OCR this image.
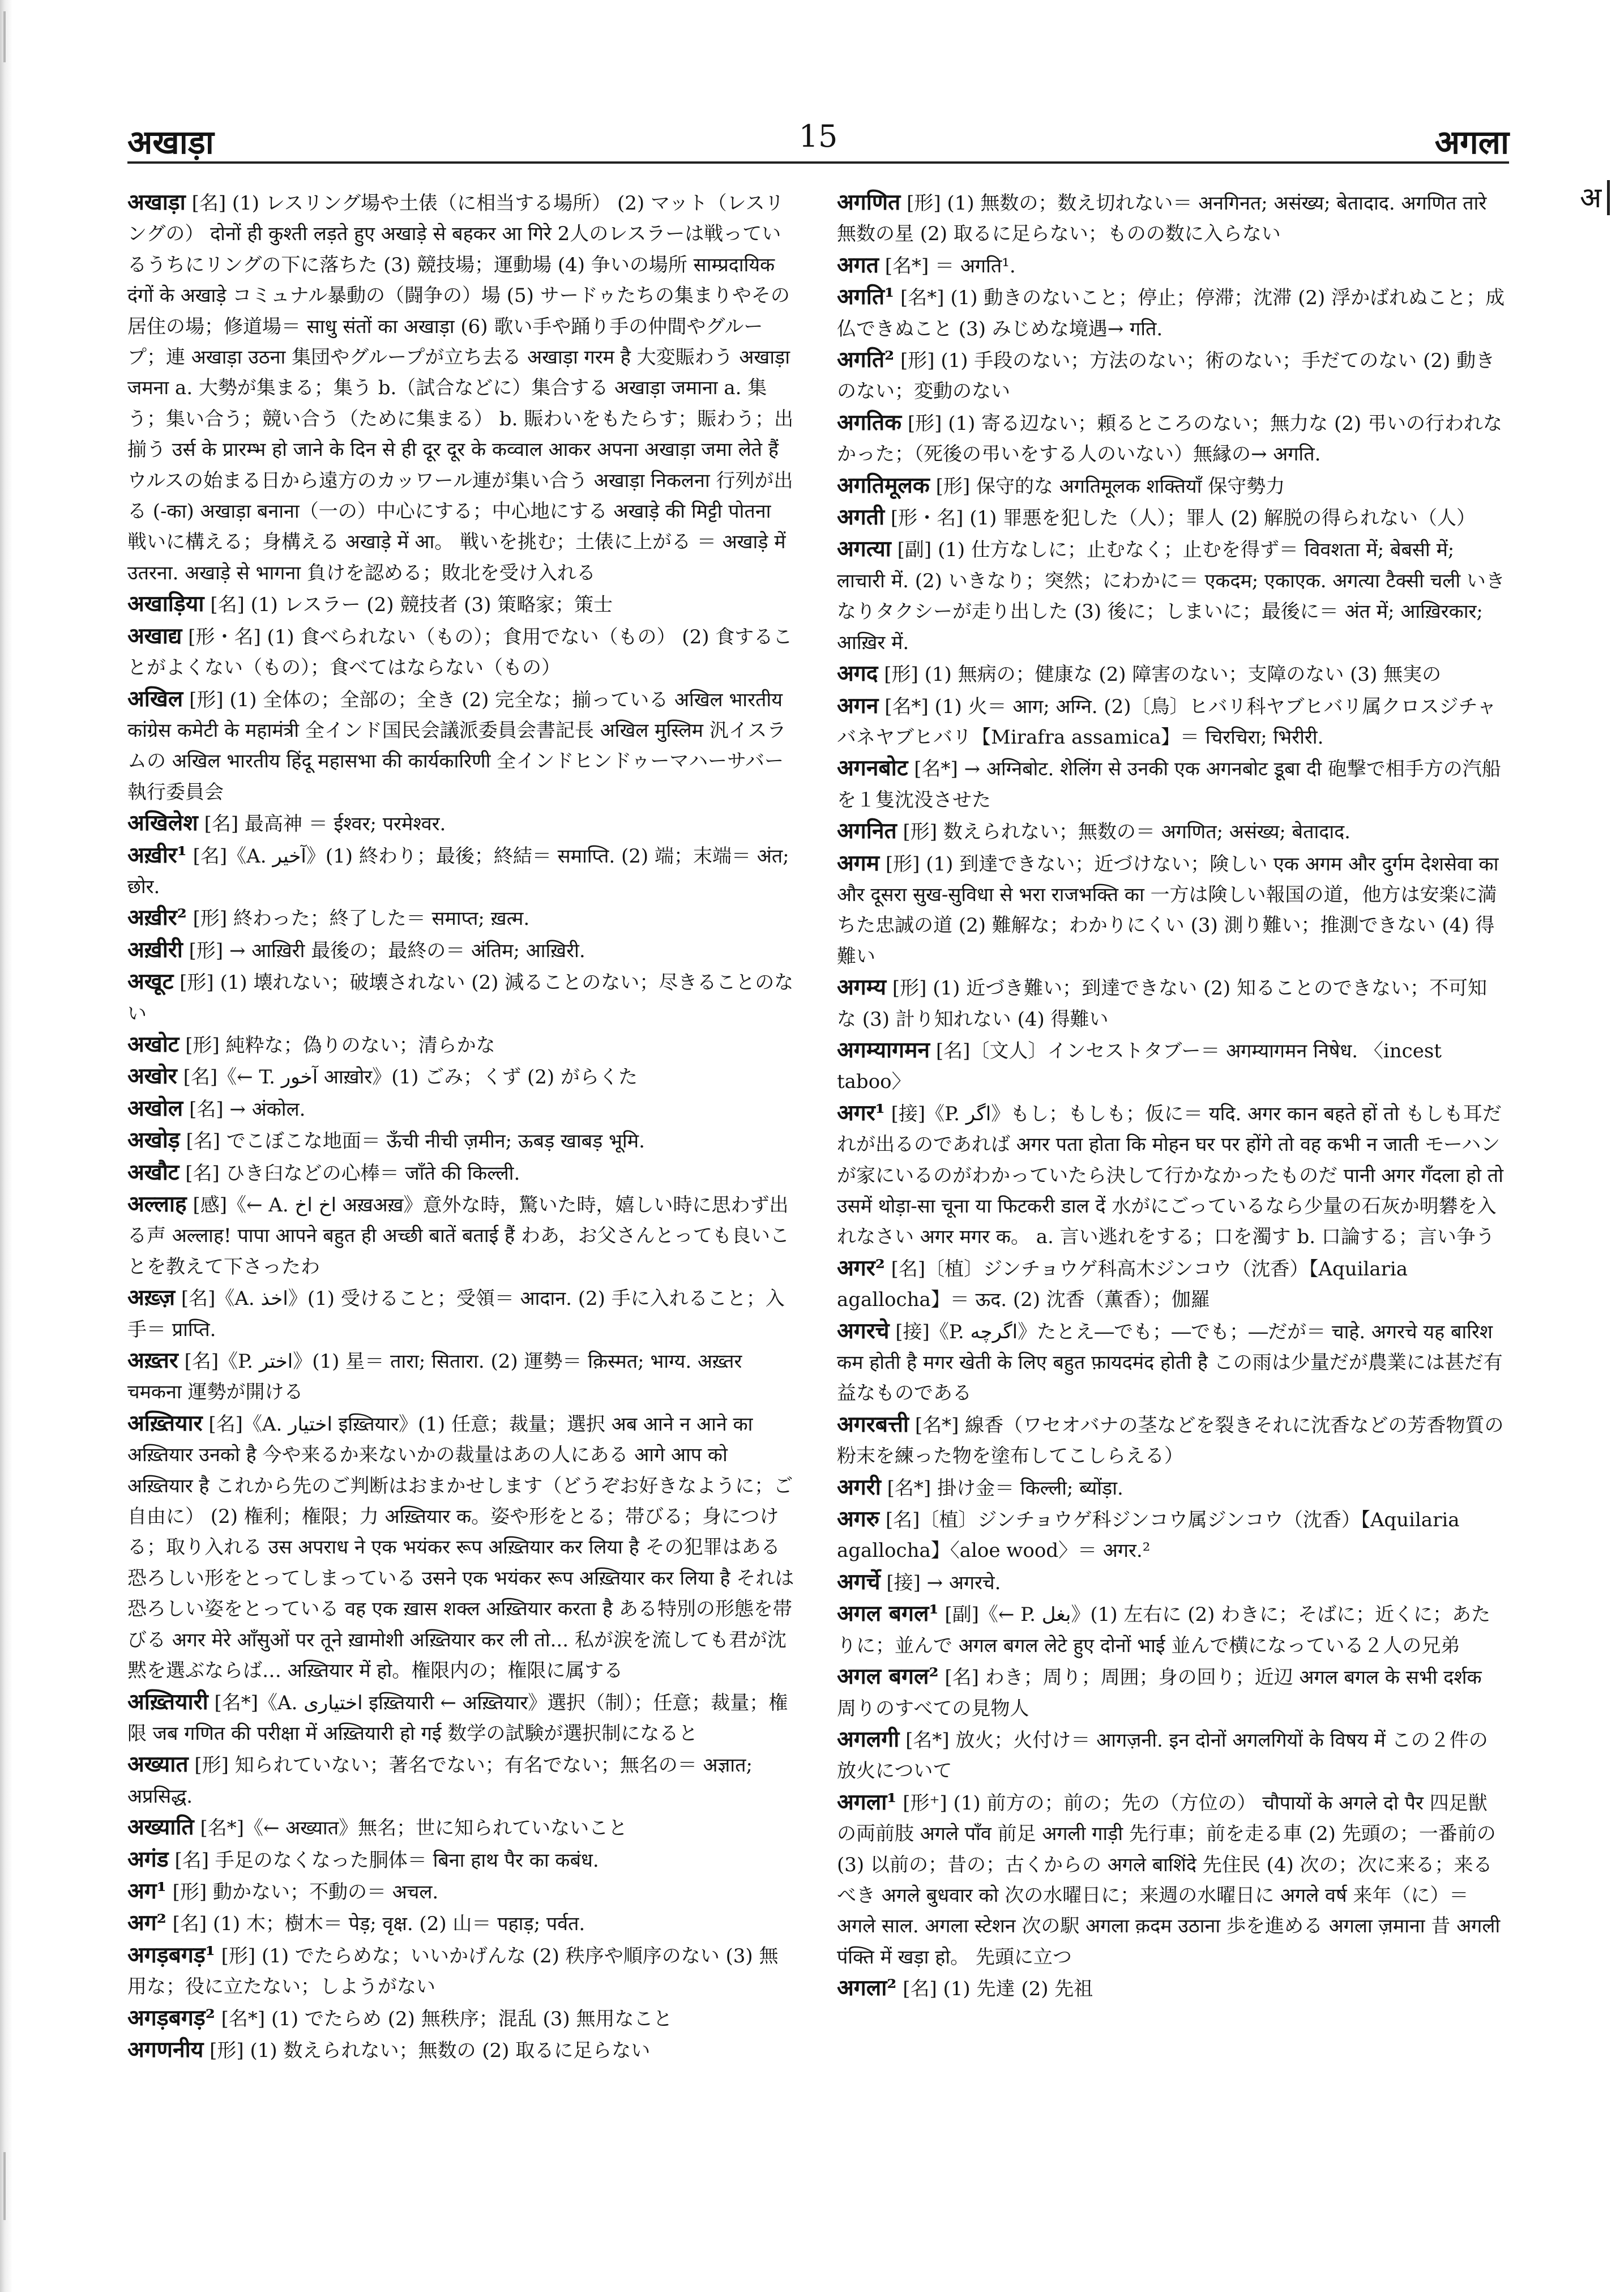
अखाड़ा	15	अगला
अ

अखाड़ा [名] (1) レスリング場や土俵（に相当する場所） (2) マット（レスリングの） दोनों ही कुश्ती लड़ते हुए अखाड़े से बहकर आ गिरे 2人のレスラーは戦っているうちにリングの下に落ちた (3) 競技場；運動場 (4) 争いの場所 साम्प्रदायिक दंगों के अखाड़े コミュナル暴動の（闘争の）場 (5) サードゥたちの集まりやその居住の場；修道場＝ साधु संतों का अखाड़ा (6) 歌い手や踊り手の仲間やグループ；連 अखाड़ा उठना 集団やグループが立ち去る अखाड़ा गरम है 大変賑わう अखाड़ा जमना a. 大勢が集まる；集う b.（試合などに）集合する अखाड़ा जमाना a. 集う；集い合う；競い合う（ために集まる） b. 賑わいをもたらす；賑わう；出揃う उर्स के प्रारम्भ हो जाने के दिन से ही दूर दूर के कव्वाल आकर अपना अखाड़ा जमा लेते हैं ウルスの始まる日から遠方のカッワール連が集い合う अखाड़ा निकलना 行列が出る (-का) अखाड़ा बनाना（一の）中心にする；中心地にする अखाड़े की मिट्टी पोतना 戦いに構える；身構える अखाड़े में आ。 戦いを挑む；土俵に上がる ＝ अखाड़े में उतरना. अखाड़े से भागना 負けを認める；敗北を受け入れる

अखाड़िया [名] (1) レスラー (2) 競技者 (3) 策略家；策士

अखाद्य [形・名] (1) 食べられない（もの）；食用でない（もの） (2) 食することがよくない（もの）；食べてはならない（もの）

अखिल [形] (1) 全体の；全部の；全き (2) 完全な；揃っている अखिल भारतीय कांग्रेस कमेटी के महामंत्री 全インド国民会議派委員会書記長 अखिल मुस्लिम 汎イスラムの अखिल भारतीय हिंदू महासभा की कार्यकारिणी 全インドヒンドゥーマハーサバー執行委員会

अखिलेश [名] 最高神 ＝ ईश्वर; परमेश्वर.

अख़ीर¹ [名]《A. آخیر》(1) 終わり；最後；終結＝ समाप्ति. (2) 端；末端＝ अंत; छोर.

अख़ीर² [形] 終わった；終了した＝ समाप्त; ख़त्म.

अख़ीरी [形] → आख़िरी 最後の；最終の＝ अंतिम; आख़िरी.

अखूट [形] (1) 壊れない；破壊されない (2) 減ることのない；尽きることのない

अखोट [形] 純粋な；偽りのない；清らかな

अखोर [名]《← T. آخور आख़ोर》(1) ごみ；くず (2) がらくた

अखोल [名] → अंकोल.

अखोड़ [名] でこぼこな地面＝ ऊँची नीची ज़मीन; ऊबड़ खाबड़ भूमि.

अखौट [名] ひき臼などの心棒＝ जाँते की किल्ली.

अल्लाह [感]《← A. اخ اخ अख़अख़》意外な時，驚いた時，嬉しい時に思わず出る声 अल्लाह! पापा आपने बहुत ही अच्छी बातें बताई हैं わあ，お父さんとっても良いことを教えて下さったわ

अख़्ज़ [名]《A. اخذ》(1) 受けること；受領＝ आदान. (2) 手に入れること；入手＝ प्राप्ति.

अख़्तर [名]《P. اختر》(1) 星＝ तारा; सितारा. (2) 運勢＝ क़िस्मत; भाग्य. अख़्तर चमकना 運勢が開ける

अख़्तियार [名]《A. اختیار इख़्तियार》(1) 任意；裁量；選択 अब आने न आने का अख़्तियार उनको है 今や来るか来ないかの裁量はあの人にある आगे आप को अख़्तियार है これから先のご判断はおまかせします（どうぞお好きなように；ご自由に） (2) 権利；権限；力 अख़्तियार क。姿や形をとる；帯びる；身につける；取り入れる उस अपराध ने एक भयंकर रूप अख़्तियार कर लिया है その犯罪はある恐ろしい形をとってしまっている उसने एक भयंकर रूप अख़्तियार कर लिया है それは恐ろしい姿をとっている वह एक ख़ास शक्ल अख़्तियार करता है ある特別の形態を帯びる अगर मेरे आँसुओं पर तूने ख़ामोशी अख़्तियार कर ली तो... 私が涙を流しても君が沈黙を選ぶならば… अख़्तियार में हो。権限内の；権限に属する

अख़्तियारी [名*]《A. اختیاری इख़्तियारी ← अख़्तियार》選択（制）；任意；裁量；権限 जब गणित की परीक्षा में अख़्तियारी हो गई 数学の試験が選択制になると

अख्यात [形] 知られていない；著名でない；有名でない；無名の＝ अज्ञात; अप्रसिद्ध.

अख्याति [名*]《← अख्यात》無名；世に知られていないこと

अगंड [名] 手足のなくなった胴体＝ बिना हाथ पैर का कबंध.

अग¹ [形] 動かない；不動の＝ अचल.

अग² [名] (1) 木；樹木＝ पेड़; वृक्ष. (2) 山＝ पहाड़; पर्वत.

अगड़बगड़¹ [形] (1) でたらめな；いいかげんな (2) 秩序や順序のない (3) 無用な；役に立たない；しようがない

अगड़बगड़² [名*] (1) でたらめ (2) 無秩序；混乱 (3) 無用なこと

अगणनीय [形] (1) 数えられない；無数の (2) 取るに足らない

अगणित [形] (1) 無数の；数え切れない＝ अनगिनत; असंख्य; बेतादाद. अगणित तारे 無数の星 (2) 取るに足らない；ものの数に入らない

अगत [名*] ＝ अगति¹.

अगति¹ [名*] (1) 動きのないこと；停止；停滞；沈滞 (2) 浮かばれぬこと；成仏できぬこと (3) みじめな境遇→ गति.

अगति² [形] (1) 手段のない；方法のない；術のない；手だてのない (2) 動きのない；変動のない

अगतिक [形] (1) 寄る辺ない；頼るところのない；無力な (2) 弔いの行われなかった；（死後の弔いをする人のいない）無縁の→ अगति.

अगतिमूलक [形] 保守的な अगतिमूलक शक्तियाँ 保守勢力

अगती [形・名] (1) 罪悪を犯した（人）；罪人 (2) 解脱の得られない（人）

अगत्या [副] (1) 仕方なしに；止むなく；止むを得ず＝ विवशता में; बेबसी में; लाचारी में. (2) いきなり；突然；にわかに＝ एकदम; एकाएक. अगत्या टैक्सी चली いきなりタクシーが走り出した (3) 後に；しまいに；最後に＝ अंत में; आख़िरकार; आख़िर में.

अगद [形] (1) 無病の；健康な (2) 障害のない；支障のない (3) 無実の

अगन [名*] (1) 火＝ आग; अग्नि. (2)〔鳥〕ヒバリ科ヤブヒバリ属クロスジチャバネヤブヒバリ【Mirafra assamica】＝ चिरचिरा; भिरीरी.

अगनबोट [名*] → अग्निबोट. शेलिंग से उनकी एक अगनबोट डूबा दी 砲撃で相手方の汽船を１隻沈没させた

अगनित [形] 数えられない；無数の＝ अगणित; असंख्य; बेतादाद.

अगम [形] (1) 到達できない；近づけない；険しい एक अगम और दुर्गम देशसेवा का और दूसरा सुख-सुविधा से भरा राजभक्ति का 一方は険しい報国の道，他方は安楽に満ちた忠誠の道 (2) 難解な；わかりにくい (3) 測り難い；推測できない (4) 得難い

अगम्य [形] (1) 近づき難い；到達できない (2) 知ることのできない；不可知な (3) 計り知れない (4) 得難い

अगम्यागमन [名]〔文人〕インセストタブー＝ अगम्यागमन निषेध. 〈incest taboo〉

अगर¹ [接]《P. اگر》もし；もしも；仮に＝ यदि. अगर कान बहते हों तो もしも耳だれが出るのであれば अगर पता होता कि मोहन घर पर होंगे तो वह कभी न जाती モーハンが家にいるのがわかっていたら決して行かなかったものだ पानी अगर गँदला हो तो उसमें थोड़ा-सा चूना या फिटकरी डाल दें 水がにごっているなら少量の石灰か明礬を入れなさい अगर मगर क。 a. 言い逃れをする；口を濁す b. 口論する；言い争う

अगर² [名]〔植〕ジンチョウゲ科高木ジンコウ（沈香）【Aquilaria agallocha】＝ ऊद. (2) 沈香（薫香）；伽羅

अगरचे [接]《P. اگرچه》たとえ―でも；―でも；―だが＝ चाहे. अगरचे यह बारिश कम होती है मगर खेती के लिए बहुत फ़ायदमंद होती है この雨は少量だが農業には甚だ有益なものである

अगरबत्ती [名*] 線香（ワセオバナの茎などを裂きそれに沈香などの芳香物質の粉末を練った物を塗布してこしらえる）

अगरी [名*] 掛け金＝ किल्ली; ब्योंड़ा.

अगरु [名]〔植〕ジンチョウゲ科ジンコウ属ジンコウ（沈香）【Aquilaria agallocha】〈aloe wood〉＝ अगर.²

अगर्चे [接] → अगरचे.

अगल बगल¹ [副]《← P. بغل》(1) 左右に (2) わきに；そばに；近くに；あたりに；並んで अगल बगल लेटे हुए दोनों भाई 並んで横になっている２人の兄弟

अगल बगल² [名] わき；周り；周囲；身の回り；近辺 अगल बगल के सभी दर्शक 周りのすべての見物人

अगलगी [名*] 放火；火付け＝ आगज़नी. इन दोनों अगलगियों के विषय में この２件の放火について

अगला¹ [形⁺] (1) 前方の；前の；先の（方位の） चौपायों के अगले दो पैर 四足獣の両前肢 अगले पाँव 前足 अगली गाड़ी 先行車；前を走る車 (2) 先頭の；一番前の (3) 以前の；昔の；古くからの अगले बाशिंदे 先住民 (4) 次の；次に来る；来るべき अगले बुधवार को 次の水曜日に；来週の水曜日に अगले वर्ष 来年（に）＝ अगले साल. अगला स्टेशन 次の駅 अगला क़दम उठाना 歩を進める अगला ज़माना 昔 अगली पंक्ति में खड़ा हो。 先頭に立つ

अगला² [名] (1) 先達 (2) 先祖
